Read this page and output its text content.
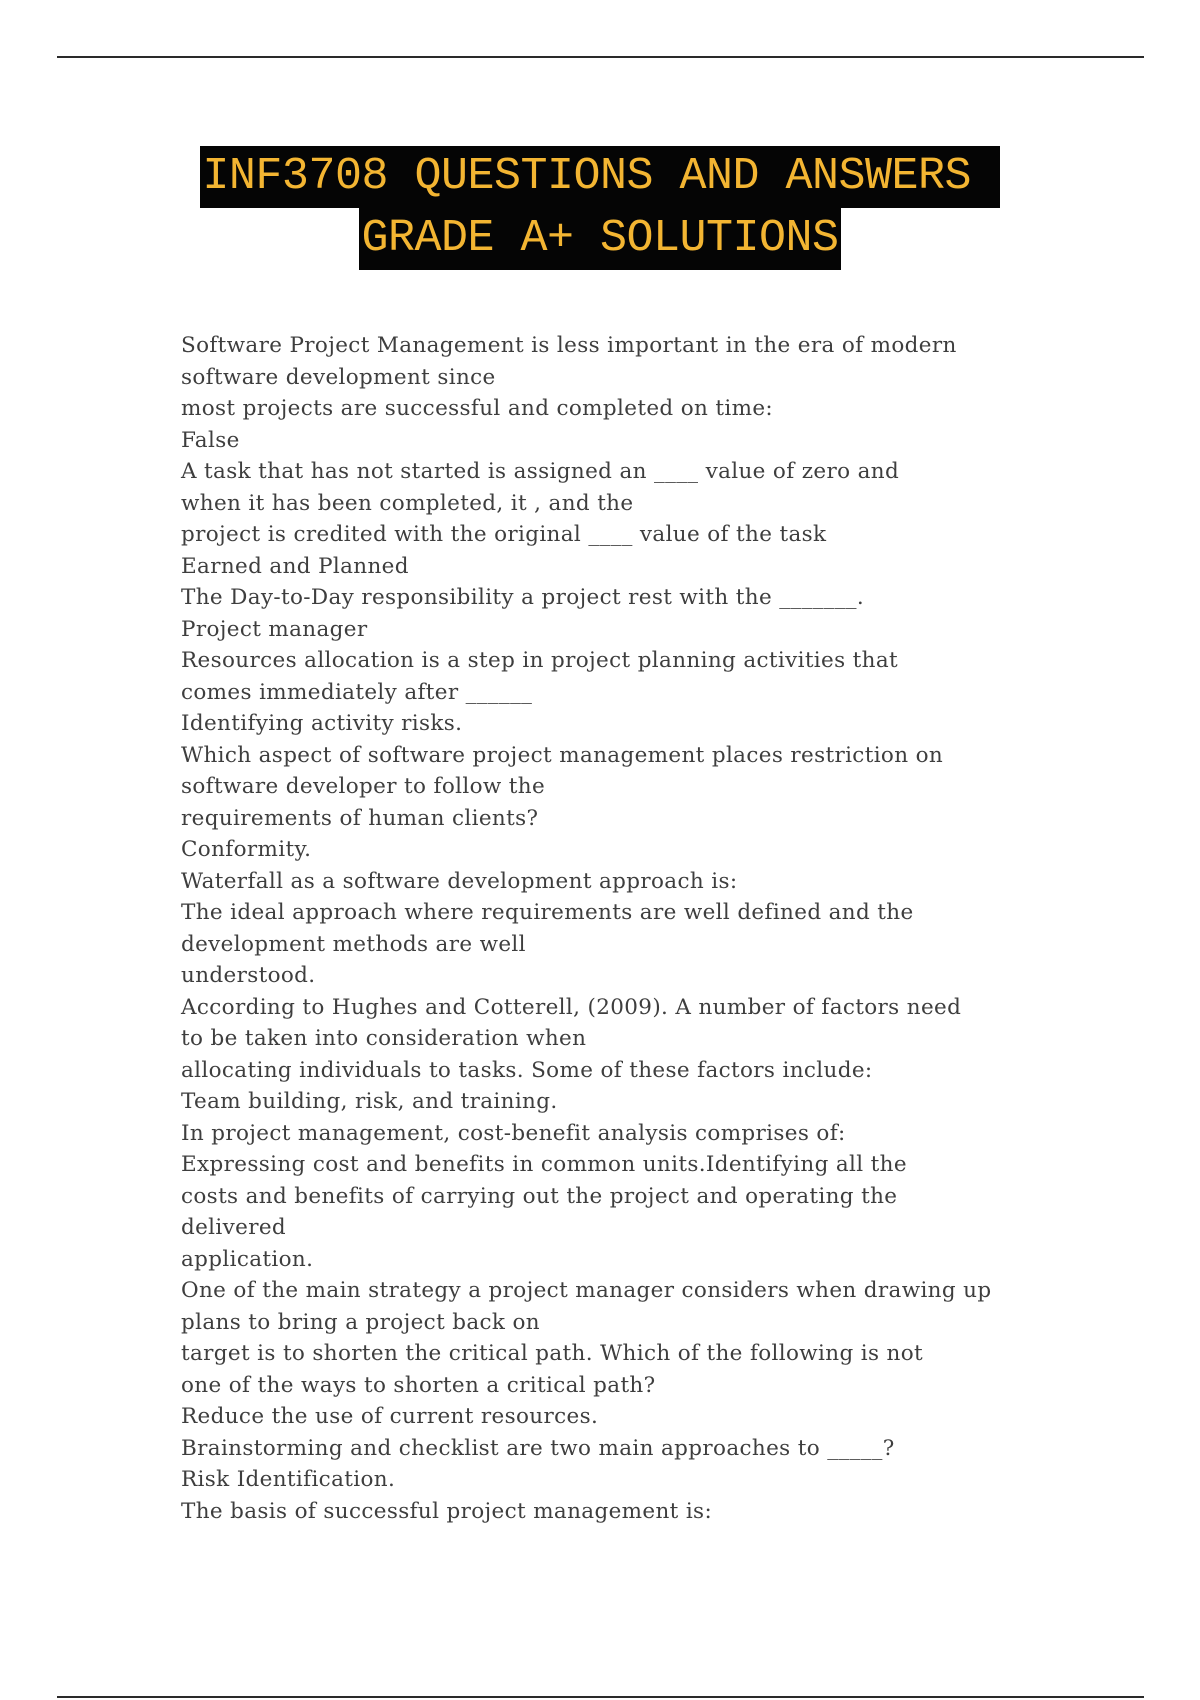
INF3708 QUESTIONS AND ANSWERS
GRADE A+ SOLUTIONS
Software Project Management is less important in the era of modern
software development since
most projects are successful and completed on time:
False
A task that has not started is assigned an ____ value of zero and
when it has been completed, it , and the
project is credited with the original ____ value of the task
Earned and Planned
The Day-to-Day responsibility a project rest with the _______.
Project manager
Resources allocation is a step in project planning activities that
comes immediately after ______
Identifying activity risks.
Which aspect of software project management places restriction on
software developer to follow the
requirements of human clients?
Conformity.
Waterfall as a software development approach is:
The ideal approach where requirements are well defined and the
development methods are well
understood.
According to Hughes and Cotterell, (2009). A number of factors need
to be taken into consideration when
allocating individuals to tasks. Some of these factors include:
Team building, risk, and training.
In project management, cost-benefit analysis comprises of:
Expressing cost and benefits in common units.Identifying all the
costs and benefits of carrying out the project and operating the
delivered
application.
One of the main strategy a project manager considers when drawing up
plans to bring a project back on
target is to shorten the critical path. Which of the following is not
one of the ways to shorten a critical path?
Reduce the use of current resources.
Brainstorming and checklist are two main approaches to _____?
Risk Identification.
The basis of successful project management is:
